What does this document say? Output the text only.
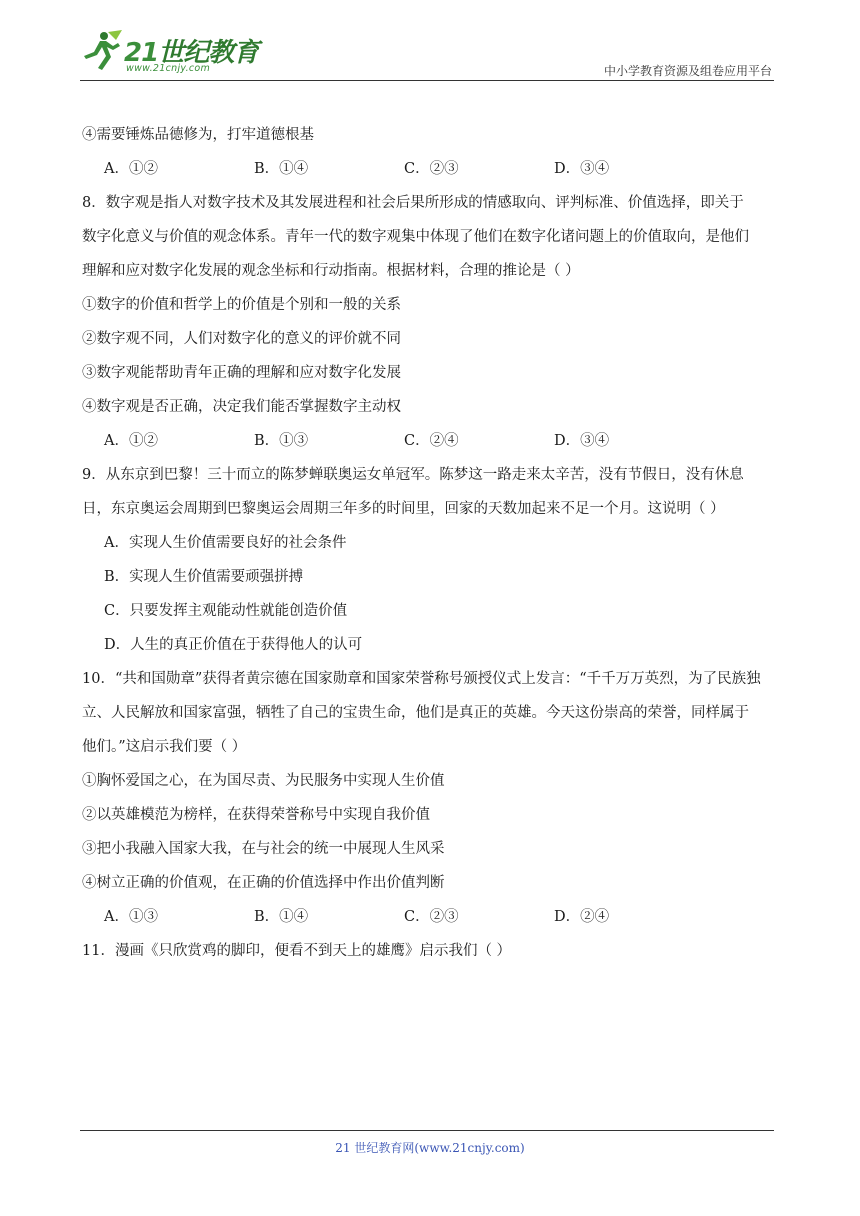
21世纪教育
www.21cnjy.com	中小学教育资源及组卷应用平台
④需要锤炼品德修为，打牢道德根基
A．①②	B．①④	C．②③	D．③④
8．数字观是指人对数字技术及其发展进程和社会后果所形成的情感取向、评判标准、价值选择，即关于
数字化意义与价值的观念体系。青年一代的数字观集中体现了他们在数字化诸问题上的价值取向，是他们
理解和应对数字化发展的观念坐标和行动指南。根据材料，合理的推论是（ ）
①数字的价值和哲学上的价值是个别和一般的关系
②数字观不同，人们对数字化的意义的评价就不同
③数字观能帮助青年正确的理解和应对数字化发展
④数字观是否正确，决定我们能否掌握数字主动权
A．①②	B．①③	C．②④	D．③④
9．从东京到巴黎！三十而立的陈梦蝉联奥运女单冠军。陈梦这一路走来太辛苦，没有节假日，没有休息
日，东京奥运会周期到巴黎奥运会周期三年多的时间里，回家的天数加起来不足一个月。这说明（ ）
A．实现人生价值需要良好的社会条件
B．实现人生价值需要顽强拼搏
C．只要发挥主观能动性就能创造价值
D．人生的真正价值在于获得他人的认可
10．“共和国勋章”获得者黄宗德在国家勋章和国家荣誉称号颁授仪式上发言：“千千万万英烈，为了民族独
立、人民解放和国家富强，牺牲了自己的宝贵生命，他们是真正的英雄。今天这份崇高的荣誉，同样属于
他们。”这启示我们要（ ）
①胸怀爱国之心，在为国尽责、为民服务中实现人生价值
②以英雄模范为榜样，在获得荣誉称号中实现自我价值
③把小我融入国家大我，在与社会的统一中展现人生风采
④树立正确的价值观，在正确的价值选择中作出价值判断
A．①③	B．①④	C．②③	D．②④
11．漫画《只欣赏鸡的脚印，便看不到天上的雄鹰》启示我们（ ）
21 世纪教育网(www.21cnjy.com)
